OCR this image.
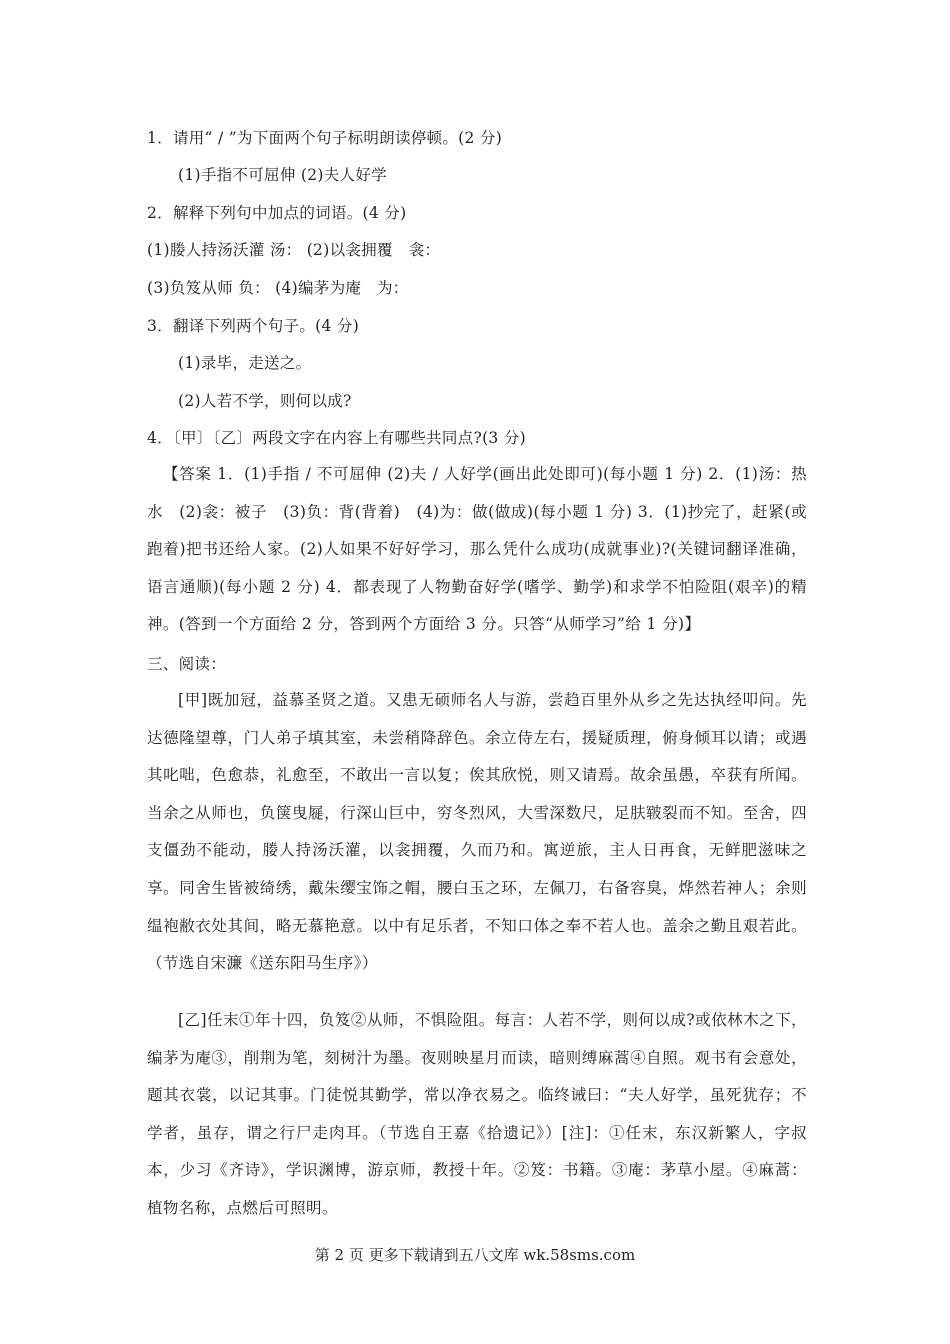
1．请用“ / ”为下面两个句子标明朗读停顿。(2 分)
(1)手指不可屈伸 (2)夫人好学
2．解释下列句中加点的词语。(4 分)
(1)媵人持汤沃灌 汤： (2)以衾拥覆　衾：
(3)负笈从师 负： (4)编茅为庵　为：
3．翻译下列两个句子。(4 分)
(1)录毕，走送之。
(2)人若不学，则何以成?
4．〔甲〕〔乙〕两段文字在内容上有哪些共同点?(3 分)
【答案 1．(1)手指 / 不可屈伸 (2)夫 / 人好学(画出此处即可)(每小题 1 分) 2．(1)汤：热水　(2)衾：被子　(3)负：背(背着)　(4)为：做(做成)(每小题 1 分) 3．(1)抄完了，赶紧(或跑着)把书还给人家。(2)人如果不好好学习，那么凭什么成功(成就事业)?(关键词翻译准确，语言通顺)(每小题 2 分) 4．都表现了人物勤奋好学(嗜学、勤学)和求学不怕险阻(艰辛)的精神。(答到一个方面给 2 分，答到两个方面给 3 分。只答“从师学习”给 1 分)】
三、阅读：
[甲]既加冠，益慕圣贤之道。又患无硕师名人与游，尝趋百里外从乡之先达执经叩问。先达德隆望尊，门人弟子填其室，未尝稍降辞色。余立侍左右，援疑质理，俯身倾耳以请；或遇其叱咄，色愈恭，礼愈至，不敢出一言以复；俟其欣悦，则又请焉。故余虽愚，卒获有所闻。当余之从师也，负箧曳屣，行深山巨中，穷冬烈风，大雪深数尺，足肤皲裂而不知。至舍，四支僵劲不能动，媵人持汤沃灌，以衾拥覆，久而乃和。寓逆旅，主人日再食，无鲜肥滋味之享。同舍生皆被绮绣，戴朱缨宝饰之帽，腰白玉之环，左佩刀，右备容臭，烨然若神人；余则缊袍敝衣处其间，略无慕艳意。以中有足乐者，不知口体之奉不若人也。盖余之勤且艰若此。（节选自宋濂《送东阳马生序》）
[乙]任末①年十四，负笈②从师，不惧险阻。每言：人若不学，则何以成?或依林木之下，编茅为庵③，削荆为笔，刻树汁为墨。夜则映星月而读，暗则缚麻蒿④自照。观书有会意处，题其衣裳，以记其事。门徒悦其勤学，常以净衣易之。临终诫曰：“夫人好学，虽死犹存；不学者，虽存，谓之行尸走肉耳。（节选自王嘉《拾遗记》）[注]：①任末，东汉新繁人，字叔本，少习《齐诗》，学识渊博，游京师，教授十年。②笈：书籍。③庵：茅草小屋。④麻蒿：植物名称，点燃后可照明。
第 2 页 更多下载请到五八文库 wk.58sms.com
